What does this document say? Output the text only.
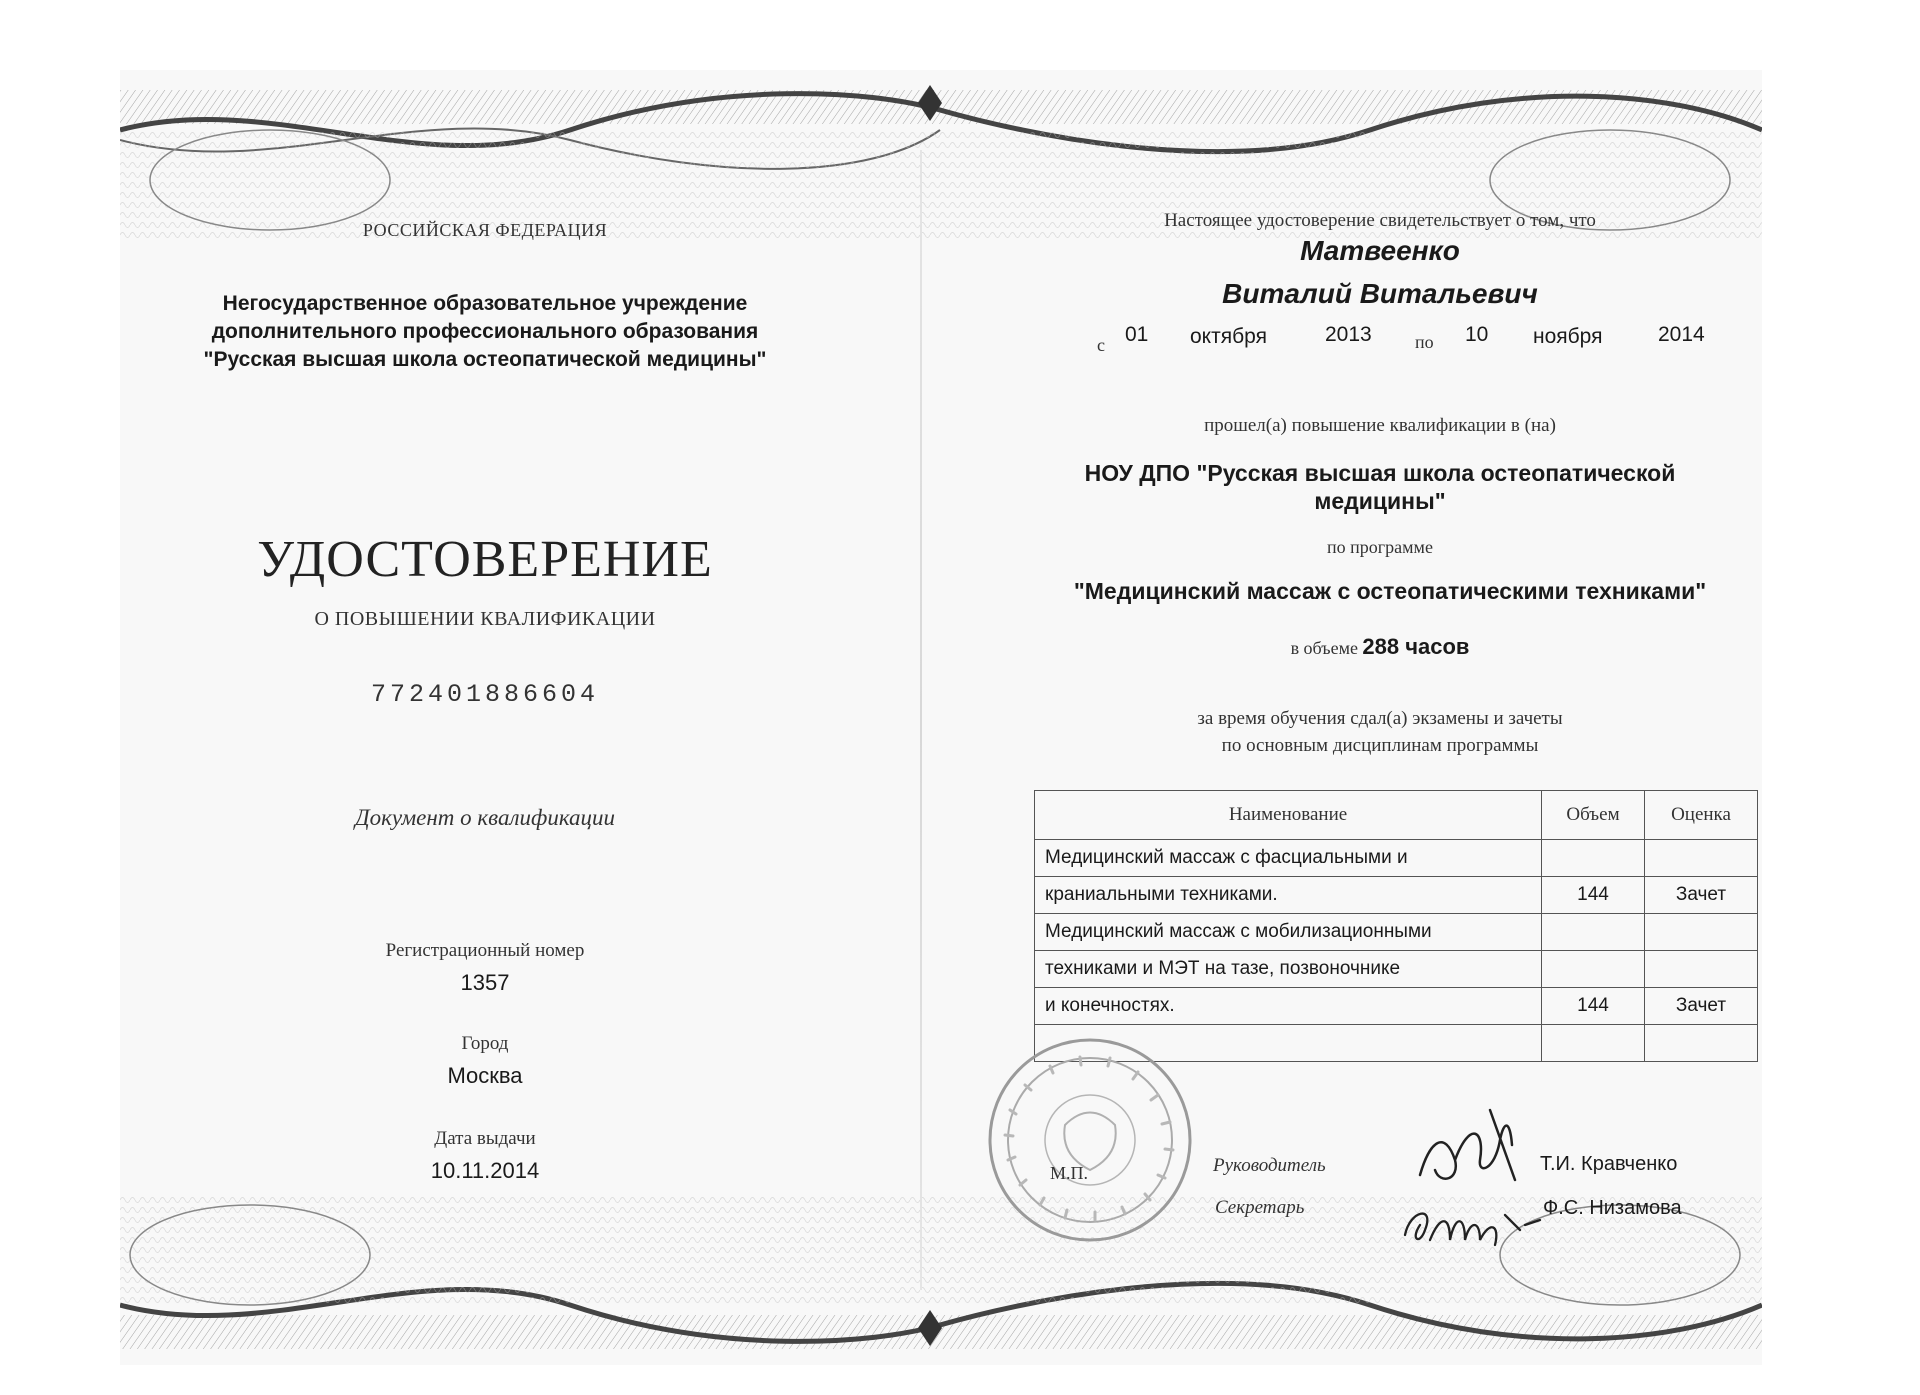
РОССИЙСКАЯ ФЕДЕРАЦИЯ
Негосударственное образовательное учреждение
дополнительного профессионального образования
"Русская высшая школа остеопатической медицины"
УДОСТОВЕРЕНИЕ
О ПОВЫШЕНИИ КВАЛИФИКАЦИИ
772401886604
Документ о квалификации
Регистрационный номер
1357
Город
Москва
Дата выдачи
10.11.2014
Настоящее удостоверение свидетельствует о том, что
Матвеенко
Виталий Витальевич
с 01 октября	2013 по 10 ноября	2014
прошел(а) повышение квалификации в (на)
НОУ ДПО "Русская высшая школа остеопатической
медицины"
по программе
"Медицинский массаж с остеопатическими техниками"
в объеме 288 часов
за время обучения сдал(а) экзамены и зачеты
по основным дисциплинам программы
Наименование	Объем	Оценка
Медицинский массаж с фасциальными и		
краниальными техниками.	144	Зачет
Медицинский массаж с мобилизационными		
техниками и МЭТ на тазе, позвоночнике		
и конечностях.	144	Зачет

М.П.	Руководитель	Т.И. Кравченко
Секретарь	Ф.С. Низамова
